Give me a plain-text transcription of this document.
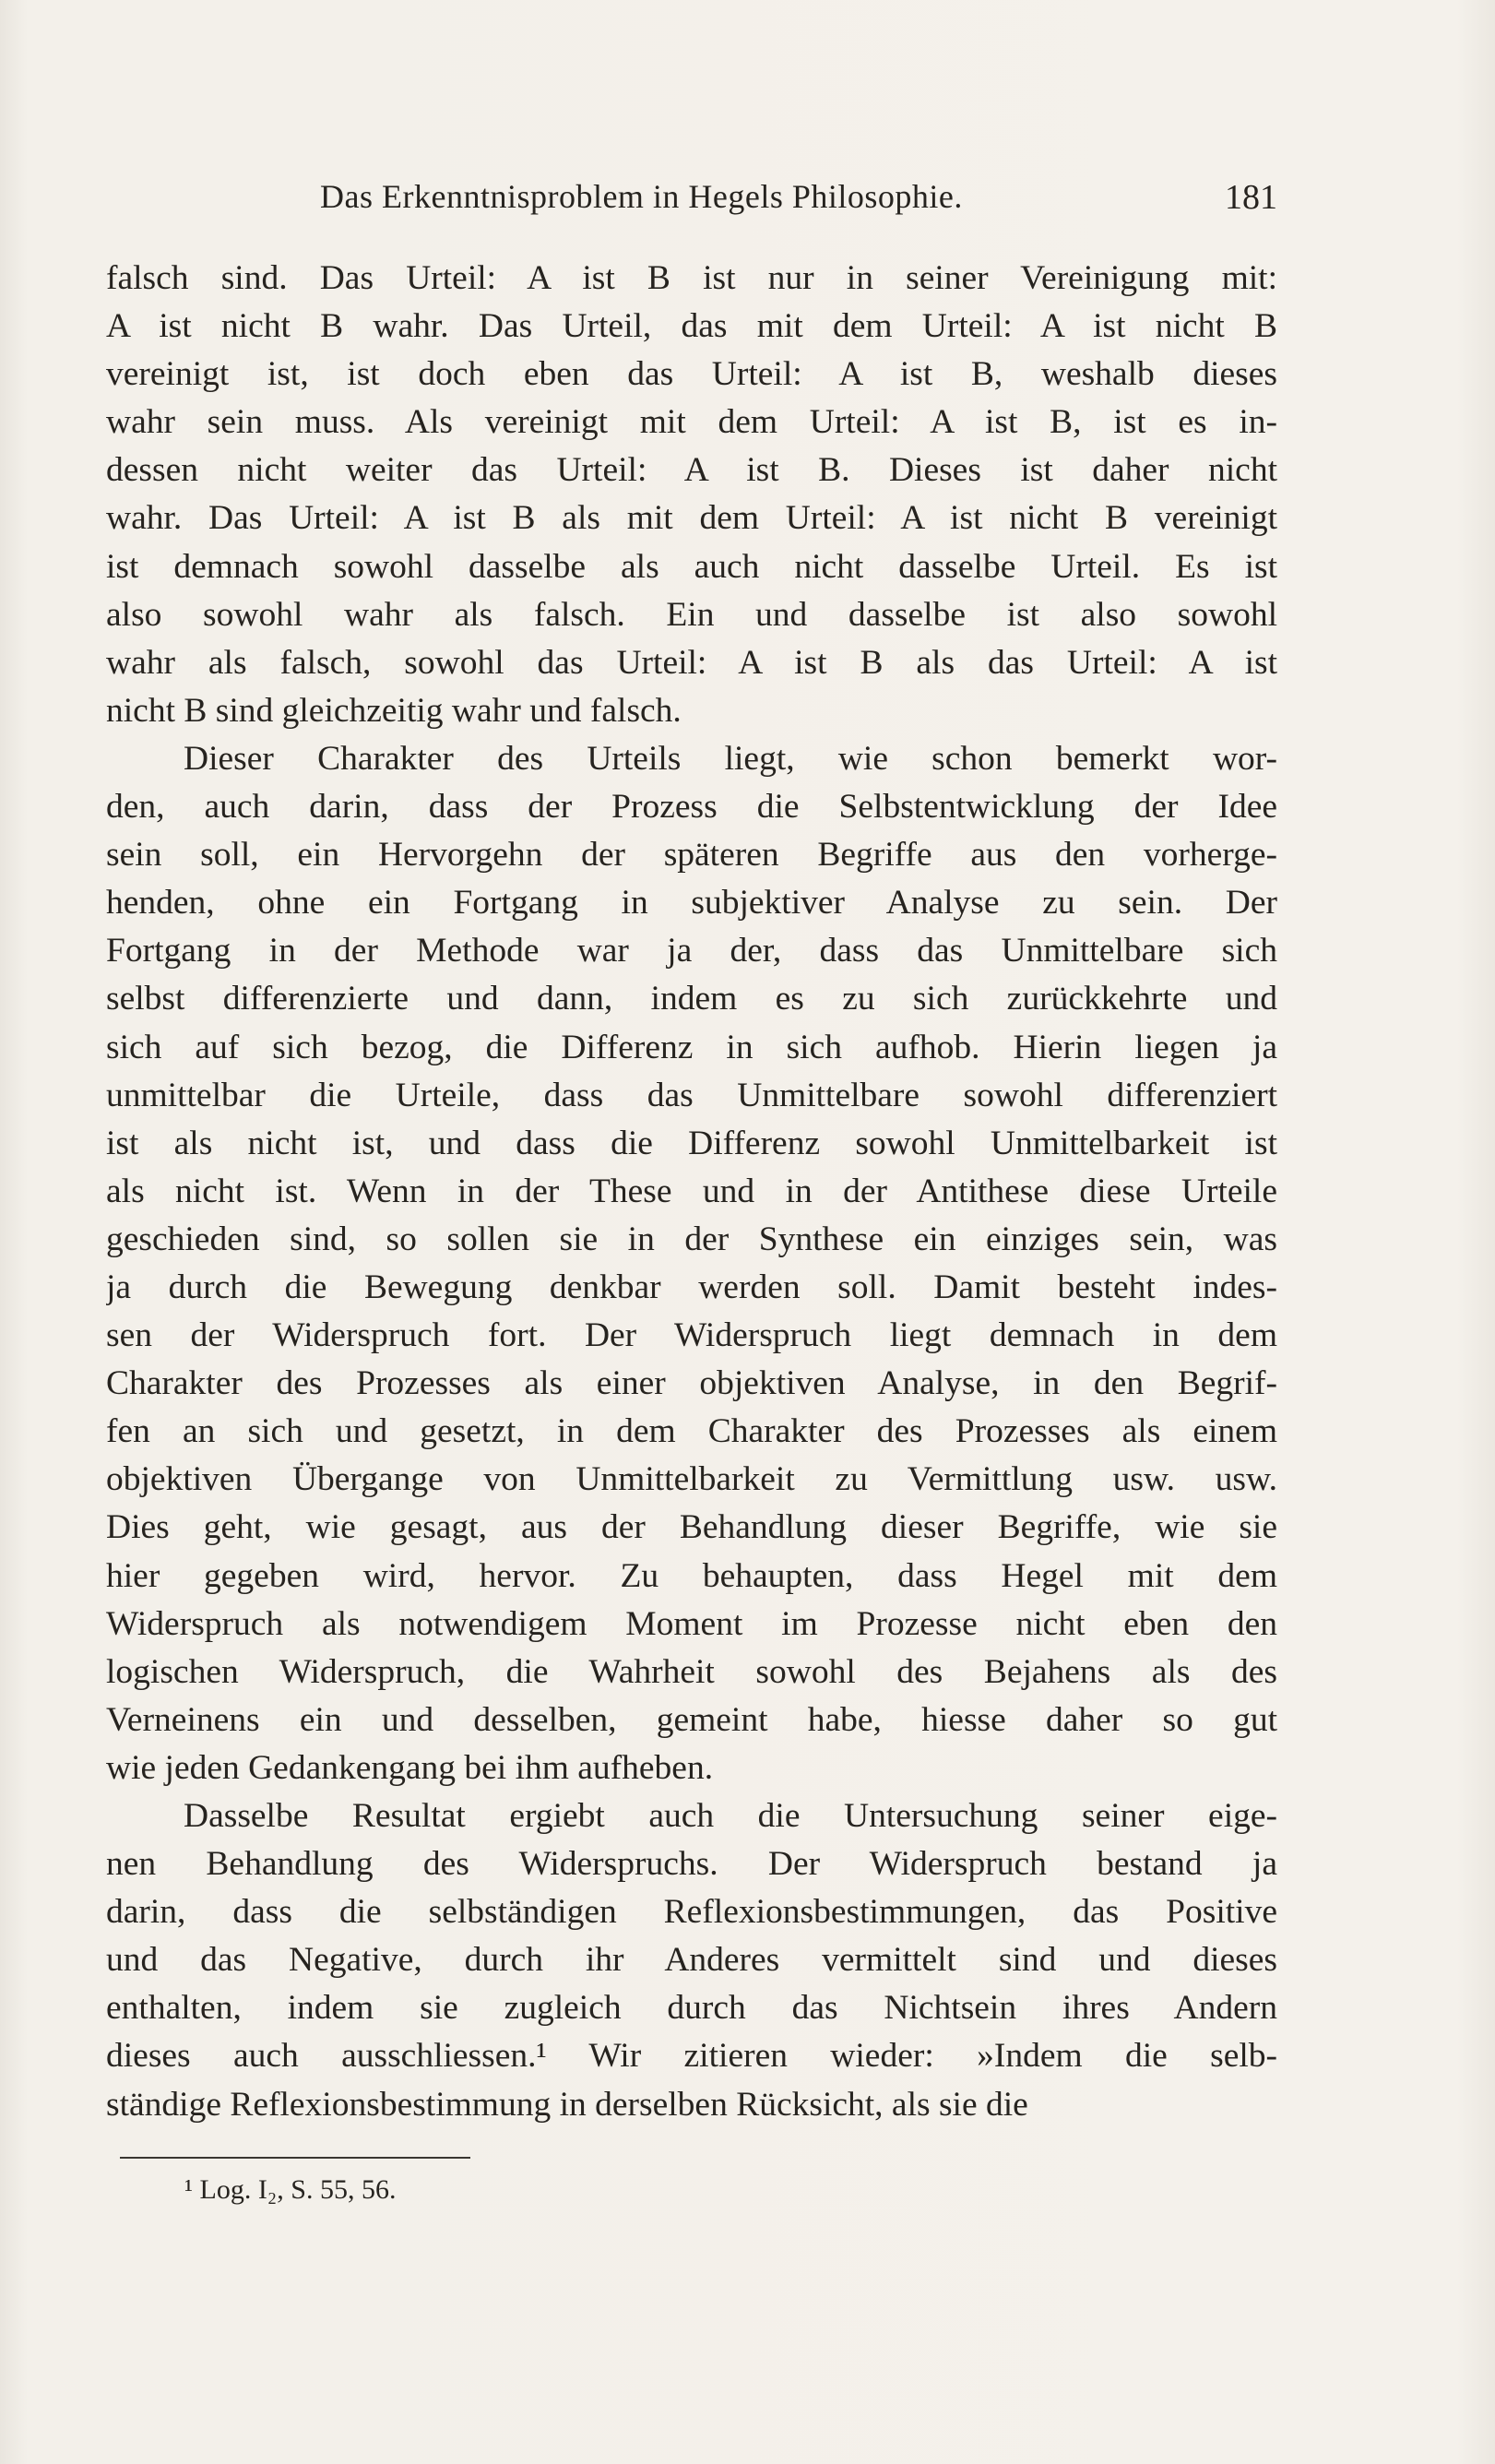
Das Erkenntnisproblem in Hegels Philosophie.	181
falsch sind. Das Urteil: A ist B ist nur in seiner Vereinigung mit:
A ist nicht B wahr. Das Urteil, das mit dem Urteil: A ist nicht B
vereinigt ist, ist doch eben das Urteil: A ist B, weshalb dieses
wahr sein muss. Als vereinigt mit dem Urteil: A ist B, ist es in-
dessen nicht weiter das Urteil: A ist B. Dieses ist daher nicht
wahr. Das Urteil: A ist B als mit dem Urteil: A ist nicht B vereinigt
ist demnach sowohl dasselbe als auch nicht dasselbe Urteil. Es ist
also sowohl wahr als falsch. Ein und dasselbe ist also sowohl
wahr als falsch, sowohl das Urteil: A ist B als das Urteil: A ist
nicht B sind gleichzeitig wahr und falsch.
Dieser Charakter des Urteils liegt, wie schon bemerkt wor-
den, auch darin, dass der Prozess die Selbstentwicklung der Idee
sein soll, ein Hervorgehn der späteren Begriffe aus den vorherge-
henden, ohne ein Fortgang in subjektiver Analyse zu sein. Der
Fortgang in der Methode war ja der, dass das Unmittelbare sich
selbst differenzierte und dann, indem es zu sich zurückkehrte und
sich auf sich bezog, die Differenz in sich aufhob. Hierin liegen ja
unmittelbar die Urteile, dass das Unmittelbare sowohl differenziert
ist als nicht ist, und dass die Differenz sowohl Unmittelbarkeit ist
als nicht ist. Wenn in der These und in der Antithese diese Urteile
geschieden sind, so sollen sie in der Synthese ein einziges sein, was
ja durch die Bewegung denkbar werden soll. Damit besteht indes-
sen der Widerspruch fort. Der Widerspruch liegt demnach in dem
Charakter des Prozesses als einer objektiven Analyse, in den Begrif-
fen an sich und gesetzt, in dem Charakter des Prozesses als einem
objektiven Übergange von Unmittelbarkeit zu Vermittlung usw. usw.
Dies geht, wie gesagt, aus der Behandlung dieser Begriffe, wie sie
hier gegeben wird, hervor. Zu behaupten, dass Hegel mit dem
Widerspruch als notwendigem Moment im Prozesse nicht eben den
logischen Widerspruch, die Wahrheit sowohl des Bejahens als des
Verneinens ein und desselben, gemeint habe, hiesse daher so gut
wie jeden Gedankengang bei ihm aufheben.
Dasselbe Resultat ergiebt auch die Untersuchung seiner eige-
nen Behandlung des Widerspruchs. Der Widerspruch bestand ja
darin, dass die selbständigen Reflexionsbestimmungen, das Positive
und das Negative, durch ihr Anderes vermittelt sind und dieses
enthalten, indem sie zugleich durch das Nichtsein ihres Andern
dieses auch ausschliessen.¹ Wir zitieren wieder: »Indem die selb-
ständige Reflexionsbestimmung in derselben Rücksicht, als sie die
¹ Log. I₂, S. 55, 56.
